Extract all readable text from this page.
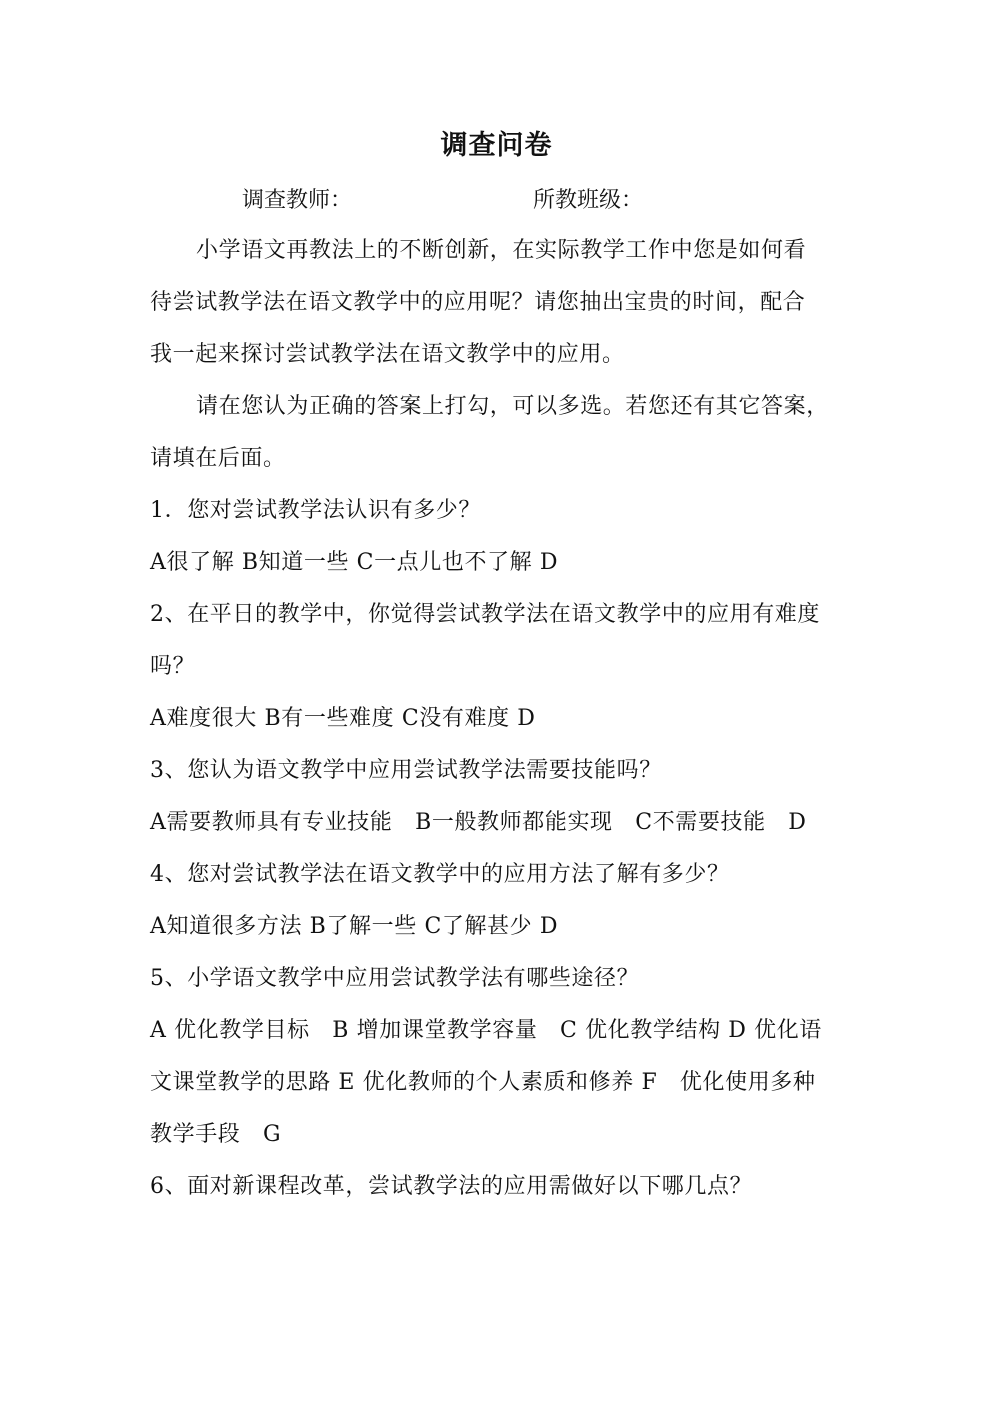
调查问卷
调查教师：	所教班级：
小学语文再教法上的不断创新，在实际教学工作中您是如何看
待尝试教学法在语文教学中的应用呢？请您抽出宝贵的时间，配合
我一起来探讨尝试教学法在语文教学中的应用。
请在您认为正确的答案上打勾，可以多选。若您还有其它答案，
请填在后面。
1．您对尝试教学法认识有多少？
A很了解 B知道一些 C一点儿也不了解 D
2、在平日的教学中，你觉得尝试教学法在语文教学中的应用有难度
吗？
A难度很大 B有一些难度 C没有难度 D
3、您认为语文教学中应用尝试教学法需要技能吗？
A需要教师具有专业技能　B一般教师都能实现　C不需要技能　D
4、您对尝试教学法在语文教学中的应用方法了解有多少？
A知道很多方法 B了解一些 C了解甚少 D
5、小学语文教学中应用尝试教学法有哪些途径？
A 优化教学目标　B 增加课堂教学容量　C 优化教学结构 D 优化语
文课堂教学的思路 E 优化教师的个人素质和修养 F　优化使用多种
教学手段　G
6、面对新课程改革，尝试教学法的应用需做好以下哪几点？
